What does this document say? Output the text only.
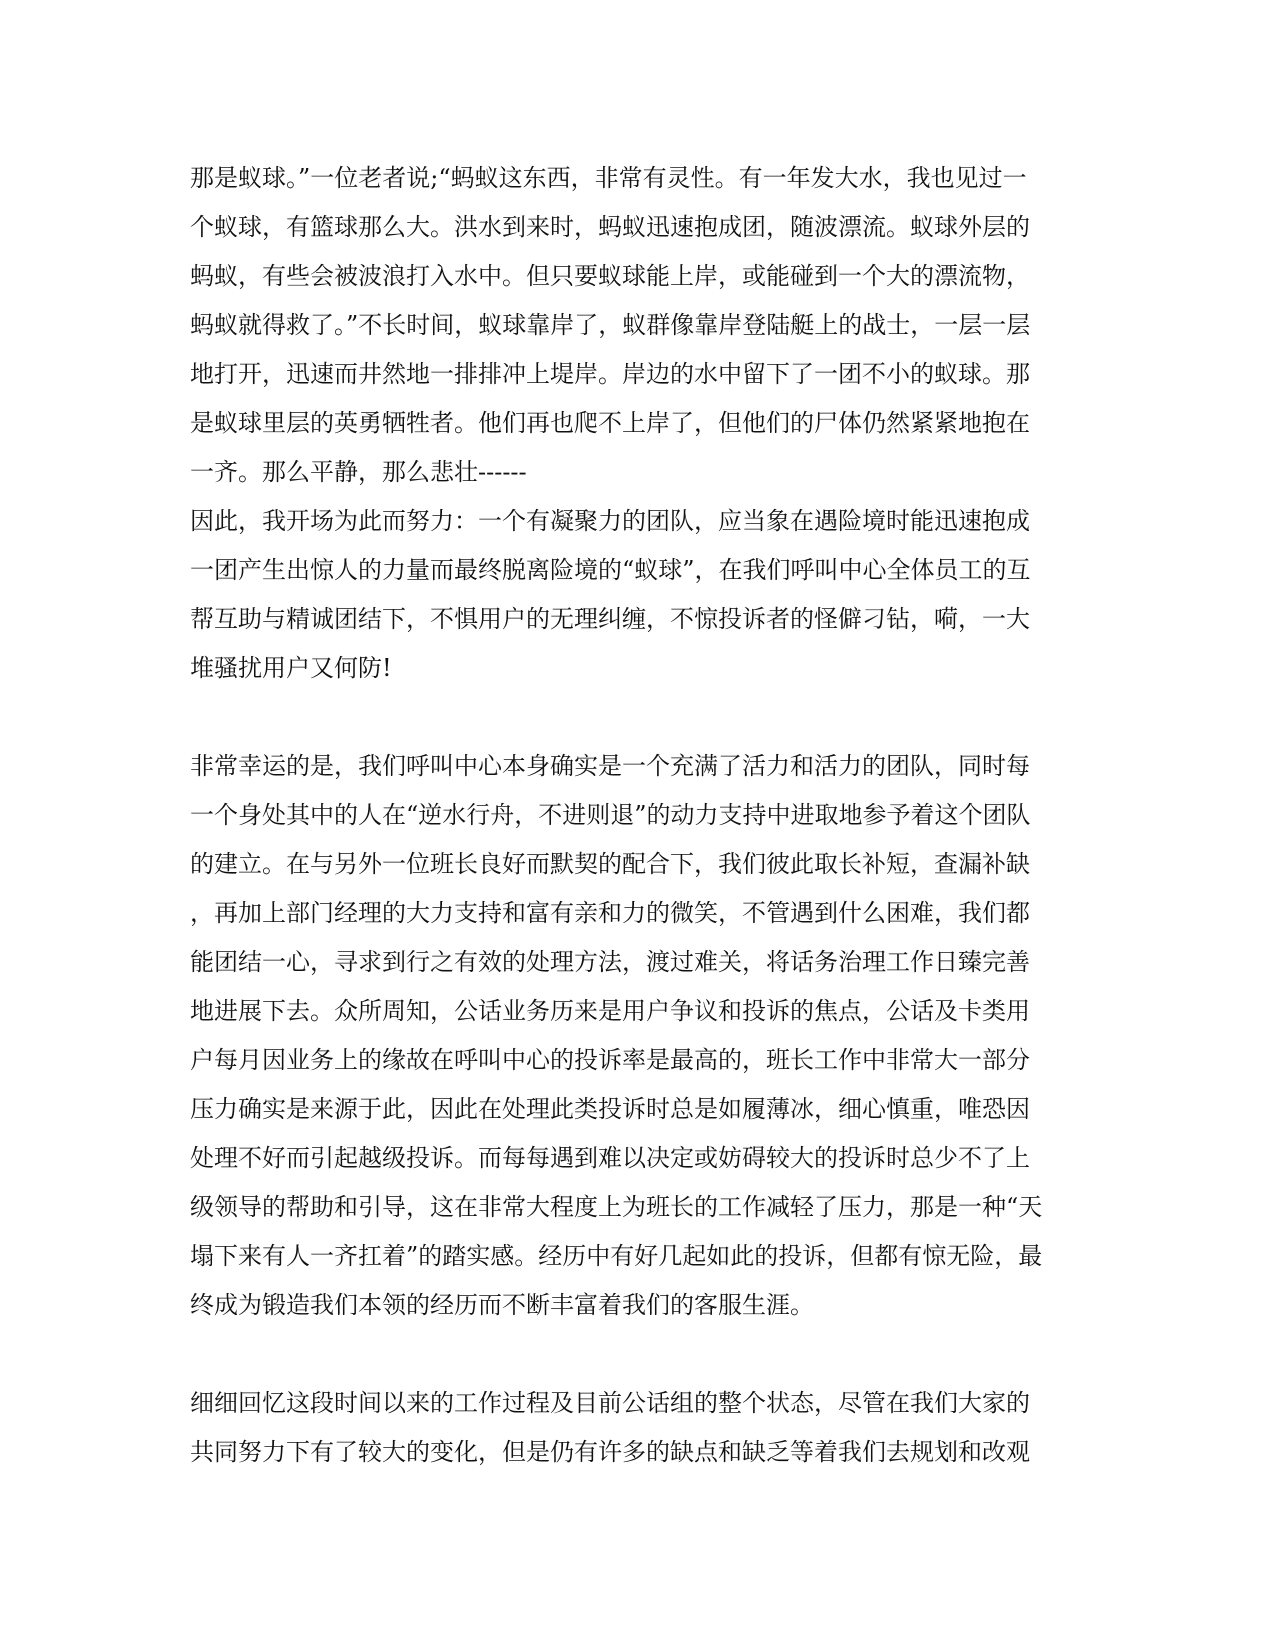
那是蚁球。”一位老者说;“蚂蚁这东西，非常有灵性。有一年发大水，我也见过一
个蚁球，有篮球那么大。洪水到来时，蚂蚁迅速抱成团，随波漂流。蚁球外层的
蚂蚁，有些会被波浪打入水中。但只要蚁球能上岸，或能碰到一个大的漂流物，
蚂蚁就得救了。”不长时间，蚁球靠岸了，蚁群像靠岸登陆艇上的战士，一层一层
地打开，迅速而井然地一排排冲上堤岸。岸边的水中留下了一团不小的蚁球。那
是蚁球里层的英勇牺牲者。他们再也爬不上岸了，但他们的尸体仍然紧紧地抱在
一齐。那么平静，那么悲壮------
因此，我开场为此而努力：一个有凝聚力的团队，应当象在遇险境时能迅速抱成
一团产生出惊人的力量而最终脱离险境的“蚁球”，在我们呼叫中心全体员工的互
帮互助与精诚团结下，不惧用户的无理纠缠，不惊投诉者的怪僻刁钻，嗬，一大
堆骚扰用户又何防!
非常幸运的是，我们呼叫中心本身确实是一个充满了活力和活力的团队，同时每
一个身处其中的人在“逆水行舟，不进则退”的动力支持中进取地参予着这个团队
的建立。在与另外一位班长良好而默契的配合下，我们彼此取长补短，查漏补缺
，再加上部门经理的大力支持和富有亲和力的微笑，不管遇到什么困难，我们都
能团结一心，寻求到行之有效的处理方法，渡过难关，将话务治理工作日臻完善
地进展下去。众所周知，公话业务历来是用户争议和投诉的焦点，公话及卡类用
户每月因业务上的缘故在呼叫中心的投诉率是最高的，班长工作中非常大一部分
压力确实是来源于此，因此在处理此类投诉时总是如履薄冰，细心慎重，唯恐因
处理不好而引起越级投诉。而每每遇到难以决定或妨碍较大的投诉时总少不了上
级领导的帮助和引导，这在非常大程度上为班长的工作减轻了压力，那是一种“天
塌下来有人一齐扛着”的踏实感。经历中有好几起如此的投诉，但都有惊无险，最
终成为锻造我们本领的经历而不断丰富着我们的客服生涯。
细细回忆这段时间以来的工作过程及目前公话组的整个状态，尽管在我们大家的
共同努力下有了较大的变化，但是仍有许多的缺点和缺乏等着我们去规划和改观
